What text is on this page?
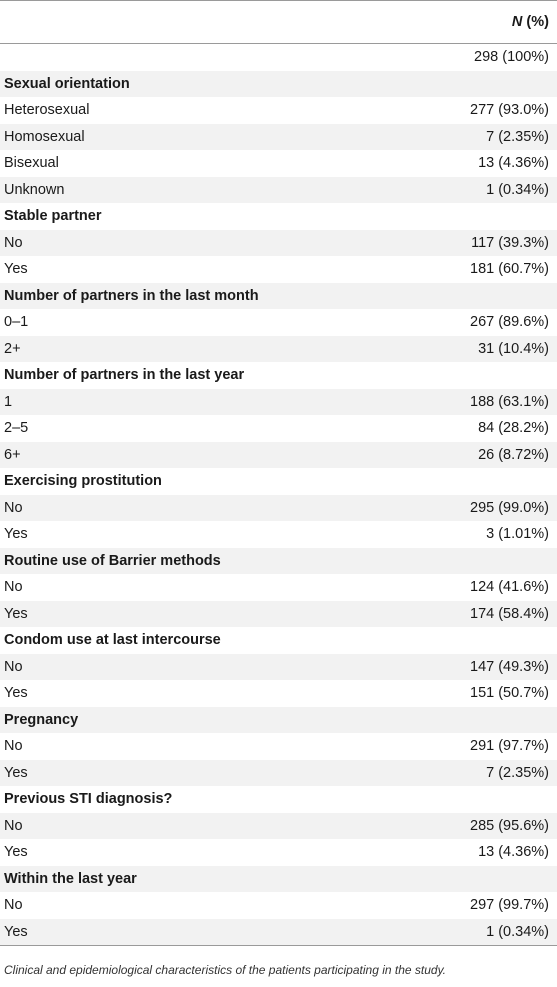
N (%)
298 (100%)
Sexual orientation
Heterosexual	277 (93.0%)
Homosexual	7 (2.35%)
Bisexual	13 (4.36%)
Unknown	1 (0.34%)
Stable partner
No	117 (39.3%)
Yes	181 (60.7%)
Number of partners in the last month
0–1	267 (89.6%)
2+	31 (10.4%)
Number of partners in the last year
1	188 (63.1%)
2–5	84 (28.2%)
6+	26 (8.72%)
Exercising prostitution
No	295 (99.0%)
Yes	3 (1.01%)
Routine use of Barrier methods
No	124 (41.6%)
Yes	174 (58.4%)
Condom use at last intercourse
No	147 (49.3%)
Yes	151 (50.7%)
Pregnancy
No	291 (97.7%)
Yes	7 (2.35%)
Previous STI diagnosis?
No	285 (95.6%)
Yes	13 (4.36%)
Within the last year
No	297 (99.7%)
Yes	1 (0.34%)
Clinical and epidemiological characteristics of the patients participating in the study.
